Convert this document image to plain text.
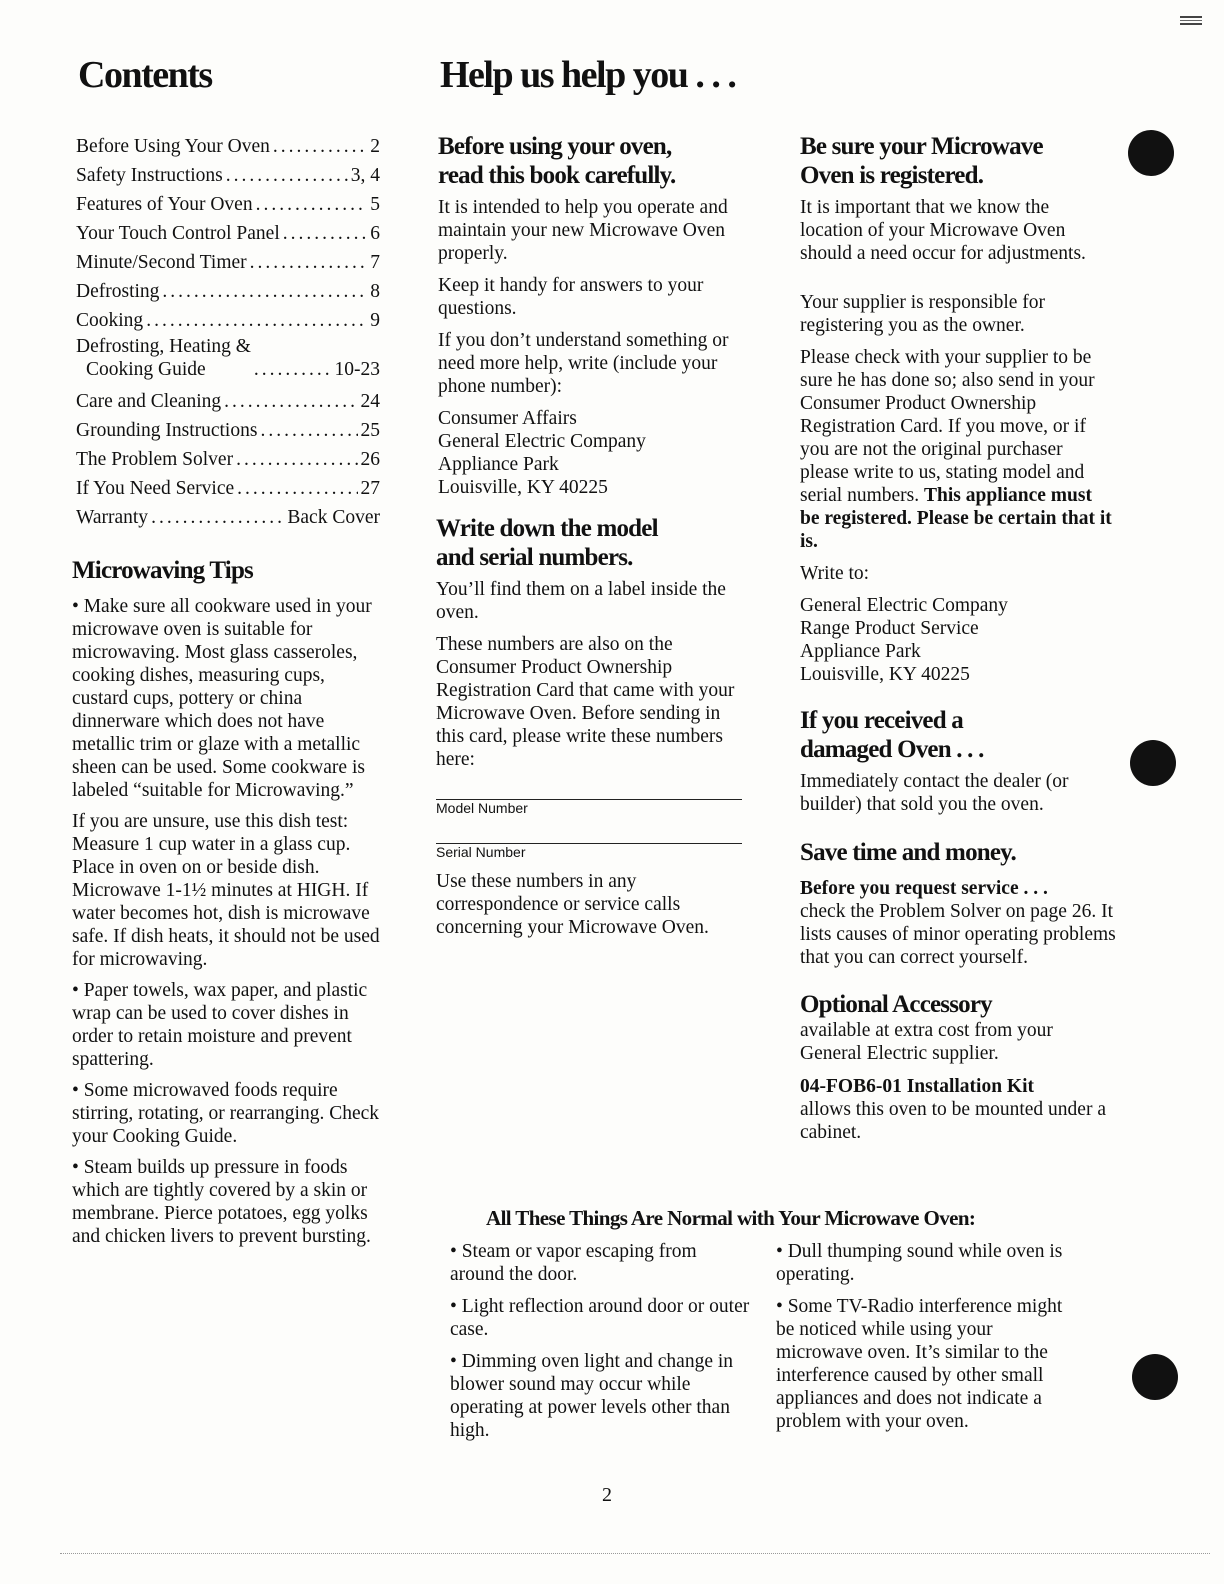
Contents	Help us help you . . .
Before Using Your Oven .....	2
Safety Instructions .....	3, 4
Features of Your Oven .....	5
Your Touch Control Panel .....	6
Minute/Second Timer .....	7
Defrosting .....	8
Cooking .....	9
Defrosting, Heating &
Cooking Guide .....	10-23
Care and Cleaning .....	24
Grounding Instructions .....	25
The Problem Solver .....	26
If You Need Service .....	27
Warranty .....	Back Cover
Microwaving Tips

• Make sure all cookware used in your microwave oven is suitable for microwaving. Most glass casseroles, cooking dishes, measuring cups, custard cups, pottery or china dinnerware which does not have metallic trim or glaze with a metallic sheen can be used. Some cookware is labeled “suitable for Microwaving.”

If you are unsure, use this dish test: Measure 1 cup water in a glass cup. Place in oven on or beside dish. Microwave 1-1½ minutes at HIGH. If water becomes hot, dish is microwave safe. If dish heats, it should not be used for microwaving.

• Paper towels, wax paper, and plastic wrap can be used to cover dishes in order to retain moisture and prevent spattering.

• Some microwaved foods require stirring, rotating, or rearranging. Check your Cooking Guide.

• Steam builds up pressure in foods which are tightly covered by a skin or membrane. Pierce potatoes, egg yolks and chicken livers to prevent bursting.

Before using your oven,
read this book carefully.

It is intended to help you operate and maintain your new Microwave Oven properly.

Keep it handy for answers to your questions.

If you don’t understand something or need more help, write (include your phone number):

Consumer Affairs

General Electric Company

Appliance Park

Louisville, KY 40225

Write down the model
and serial numbers.

You’ll find them on a label inside the oven.

These numbers are also on the Consumer Product Ownership Registration Card that came with your Microwave Oven. Before sending in this card, please write these numbers here:

Model Number
Serial Number

Use these numbers in any correspondence or service calls concerning your Microwave Oven.

Be sure your Microwave
Oven is registered.

It is important that we know the location of your Microwave Oven should a need occur for adjustments.

Your supplier is responsible for registering you as the owner.

Please check with your supplier to be sure he has done so; also send in your Consumer Product Ownership Registration Card. If you move, or if you are not the original purchaser please write to us, stating model and serial numbers. This appliance must be registered. Please be certain that it is.

Write to:

General Electric Company

Range Product Service

Appliance Park

Louisville, KY 40225

If you received a
damaged Oven . . .

Immediately contact the dealer (or builder) that sold you the oven.

Save time and money.

Before you request service . . .
check the Problem Solver on page 26. It lists causes of minor operating problems that you can correct yourself.

Optional Accessory

available at extra cost from your General Electric supplier.

04-FOB6-01 Installation Kit

allows this oven to be mounted under a cabinet.

All These Things Are Normal with Your Microwave Oven:

• Steam or vapor escaping from around the door.

• Light reflection around door or outer case.

• Dimming oven light and change in blower sound may occur while operating at power levels other than high.

• Dull thumping sound while oven is operating.

• Some TV-Radio interference might be noticed while using your microwave oven. It’s similar to the interference caused by other small appliances and does not indicate a problem with your oven.

2
